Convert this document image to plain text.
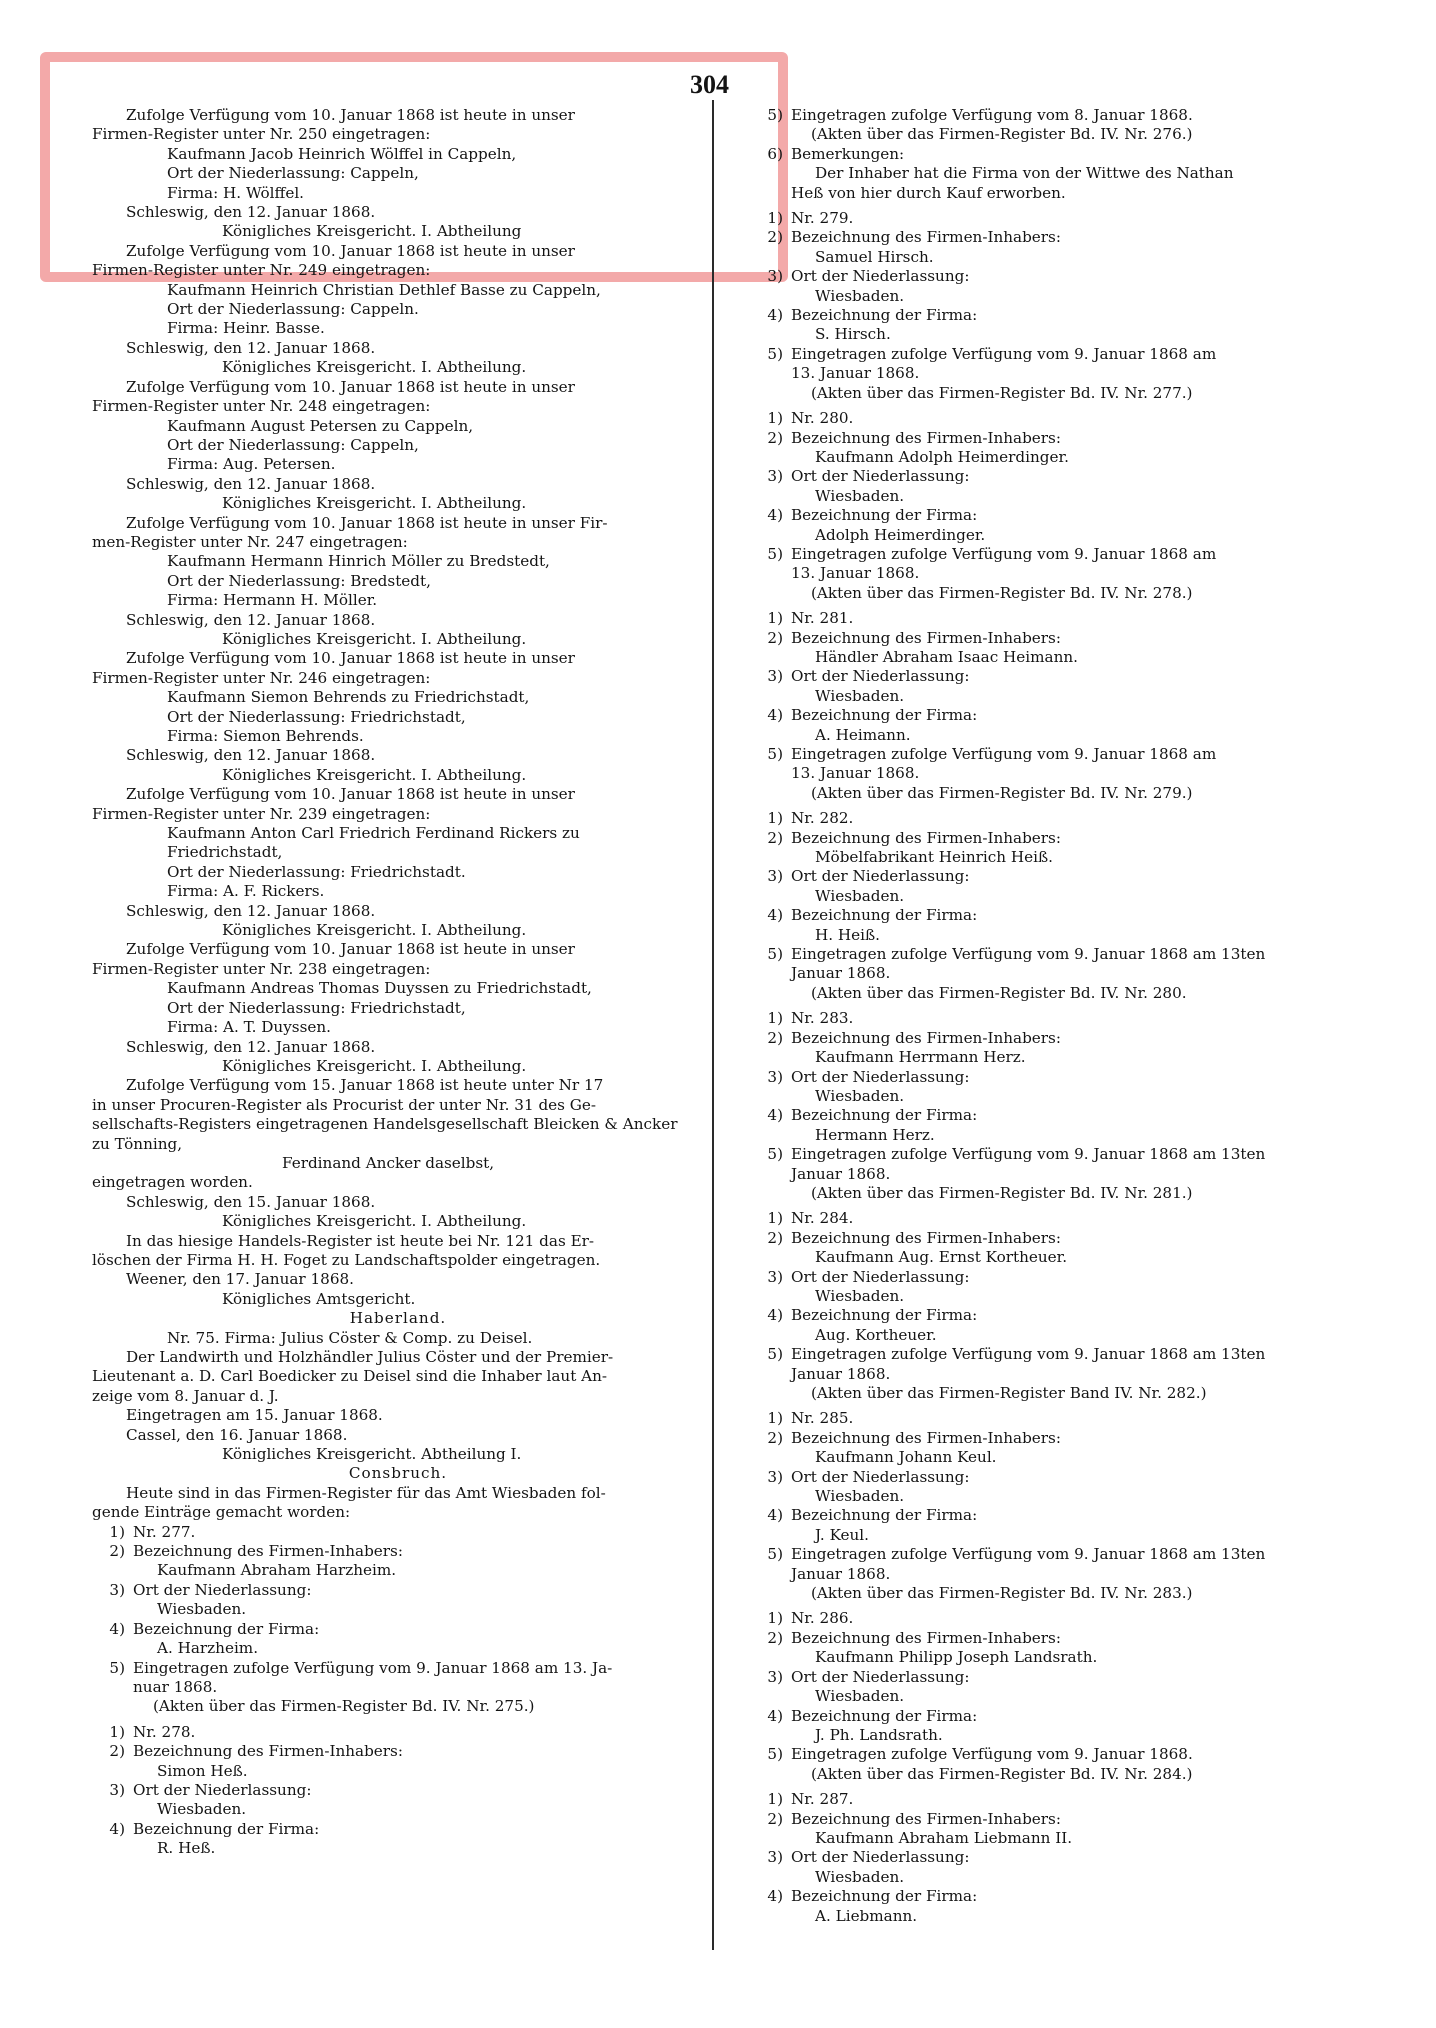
304
Zufolge Verfügung vom 10. Januar 1868 ist heute in unser
Firmen-Register unter Nr. 250 eingetragen:
Kaufmann Jacob Heinrich Wölffel in Cappeln,
Ort der Niederlassung: Cappeln,
Firma: H. Wölffel.
Schleswig, den 12. Januar 1868.
Königliches Kreisgericht. I. Abtheilung
Zufolge Verfügung vom 10. Januar 1868 ist heute in unser
Firmen-Register unter Nr. 249 eingetragen:
Kaufmann Heinrich Christian Dethlef Basse zu Cappeln,
Ort der Niederlassung: Cappeln.
Firma: Heinr. Basse.
Schleswig, den 12. Januar 1868.
Königliches Kreisgericht. I. Abtheilung.
Zufolge Verfügung vom 10. Januar 1868 ist heute in unser
Firmen-Register unter Nr. 248 eingetragen:
Kaufmann August Petersen zu Cappeln,
Ort der Niederlassung: Cappeln,
Firma: Aug. Petersen.
Schleswig, den 12. Januar 1868.
Königliches Kreisgericht. I. Abtheilung.
Zufolge Verfügung vom 10. Januar 1868 ist heute in unser Fir-
men-Register unter Nr. 247 eingetragen:
Kaufmann Hermann Hinrich Möller zu Bredstedt,
Ort der Niederlassung: Bredstedt,
Firma: Hermann H. Möller.
Schleswig, den 12. Januar 1868.
Königliches Kreisgericht. I. Abtheilung.
Zufolge Verfügung vom 10. Januar 1868 ist heute in unser
Firmen-Register unter Nr. 246 eingetragen:
Kaufmann Siemon Behrends zu Friedrichstadt,
Ort der Niederlassung: Friedrichstadt,
Firma: Siemon Behrends.
Schleswig, den 12. Januar 1868.
Königliches Kreisgericht. I. Abtheilung.
Zufolge Verfügung vom 10. Januar 1868 ist heute in unser
Firmen-Register unter Nr. 239 eingetragen:
Kaufmann Anton Carl Friedrich Ferdinand Rickers zu
Friedrichstadt,
Ort der Niederlassung: Friedrichstadt.
Firma: A. F. Rickers.
Schleswig, den 12. Januar 1868.
Königliches Kreisgericht. I. Abtheilung.
Zufolge Verfügung vom 10. Januar 1868 ist heute in unser
Firmen-Register unter Nr. 238 eingetragen:
Kaufmann Andreas Thomas Duyssen zu Friedrichstadt,
Ort der Niederlassung: Friedrichstadt,
Firma: A. T. Duyssen.
Schleswig, den 12. Januar 1868.
Königliches Kreisgericht. I. Abtheilung.
Zufolge Verfügung vom 15. Januar 1868 ist heute unter Nr 17
in unser Procuren-Register als Procurist der unter Nr. 31 des Ge-
sellschafts-Registers eingetragenen Handelsgesellschaft Bleicken & Ancker
zu Tönning,
Ferdinand Ancker daselbst,
eingetragen worden.
Schleswig, den 15. Januar 1868.
Königliches Kreisgericht. I. Abtheilung.
In das hiesige Handels-Register ist heute bei Nr. 121 das Er-
löschen der Firma H. H. Foget zu Landschaftspolder eingetragen.
Weener, den 17. Januar 1868.
Königliches Amtsgericht.
Haberland.
Nr. 75. Firma: Julius Cöster & Comp. zu Deisel.
Der Landwirth und Holzhändler Julius Cöster und der Premier-
Lieutenant a. D. Carl Boedicker zu Deisel sind die Inhaber laut An-
zeige vom 8. Januar d. J.
Eingetragen am 15. Januar 1868.
Cassel, den 16. Januar 1868.
Königliches Kreisgericht. Abtheilung I.
Consbruch.
Heute sind in das Firmen-Register für das Amt Wiesbaden fol-
gende Einträge gemacht worden:
1) Nr. 277.
2) Bezeichnung des Firmen-Inhabers:
Kaufmann Abraham Harzheim.
3) Ort der Niederlassung:
Wiesbaden.
4) Bezeichnung der Firma:
A. Harzheim.
5) Eingetragen zufolge Verfügung vom 9. Januar 1868 am 13. Ja-
nuar 1868.
(Akten über das Firmen-Register Bd. IV. Nr. 275.)
1) Nr. 278.
2) Bezeichnung des Firmen-Inhabers:
Simon Heß.
3) Ort der Niederlassung:
Wiesbaden.
4) Bezeichnung der Firma:
R. Heß.
5) Eingetragen zufolge Verfügung vom 8. Januar 1868.
(Akten über das Firmen-Register Bd. IV. Nr. 276.)
6) Bemerkungen:
Der Inhaber hat die Firma von der Wittwe des Nathan
Heß von hier durch Kauf erworben.
1) Nr. 279.
2) Bezeichnung des Firmen-Inhabers:
Samuel Hirsch.
3) Ort der Niederlassung:
Wiesbaden.
4) Bezeichnung der Firma:
S. Hirsch.
5) Eingetragen zufolge Verfügung vom 9. Januar 1868 am
13. Januar 1868.
(Akten über das Firmen-Register Bd. IV. Nr. 277.)
1) Nr. 280.
2) Bezeichnung des Firmen-Inhabers:
Kaufmann Adolph Heimerdinger.
3) Ort der Niederlassung:
Wiesbaden.
4) Bezeichnung der Firma:
Adolph Heimerdinger.
5) Eingetragen zufolge Verfügung vom 9. Januar 1868 am
13. Januar 1868.
(Akten über das Firmen-Register Bd. IV. Nr. 278.)
1) Nr. 281.
2) Bezeichnung des Firmen-Inhabers:
Händler Abraham Isaac Heimann.
3) Ort der Niederlassung:
Wiesbaden.
4) Bezeichnung der Firma:
A. Heimann.
5) Eingetragen zufolge Verfügung vom 9. Januar 1868 am
13. Januar 1868.
(Akten über das Firmen-Register Bd. IV. Nr. 279.)
1) Nr. 282.
2) Bezeichnung des Firmen-Inhabers:
Möbelfabrikant Heinrich Heiß.
3) Ort der Niederlassung:
Wiesbaden.
4) Bezeichnung der Firma:
H. Heiß.
5) Eingetragen zufolge Verfügung vom 9. Januar 1868 am 13ten
Januar 1868.
(Akten über das Firmen-Register Bd. IV. Nr. 280.
1) Nr. 283.
2) Bezeichnung des Firmen-Inhabers:
Kaufmann Herrmann Herz.
3) Ort der Niederlassung:
Wiesbaden.
4) Bezeichnung der Firma:
Hermann Herz.
5) Eingetragen zufolge Verfügung vom 9. Januar 1868 am 13ten
Januar 1868.
(Akten über das Firmen-Register Bd. IV. Nr. 281.)
1) Nr. 284.
2) Bezeichnung des Firmen-Inhabers:
Kaufmann Aug. Ernst Kortheuer.
3) Ort der Niederlassung:
Wiesbaden.
4) Bezeichnung der Firma:
Aug. Kortheuer.
5) Eingetragen zufolge Verfügung vom 9. Januar 1868 am 13ten
Januar 1868.
(Akten über das Firmen-Register Band IV. Nr. 282.)
1) Nr. 285.
2) Bezeichnung des Firmen-Inhabers:
Kaufmann Johann Keul.
3) Ort der Niederlassung:
Wiesbaden.
4) Bezeichnung der Firma:
J. Keul.
5) Eingetragen zufolge Verfügung vom 9. Januar 1868 am 13ten
Januar 1868.
(Akten über das Firmen-Register Bd. IV. Nr. 283.)
1) Nr. 286.
2) Bezeichnung des Firmen-Inhabers:
Kaufmann Philipp Joseph Landsrath.
3) Ort der Niederlassung:
Wiesbaden.
4) Bezeichnung der Firma:
J. Ph. Landsrath.
5) Eingetragen zufolge Verfügung vom 9. Januar 1868.
(Akten über das Firmen-Register Bd. IV. Nr. 284.)
1) Nr. 287.
2) Bezeichnung des Firmen-Inhabers:
Kaufmann Abraham Liebmann II.
3) Ort der Niederlassung:
Wiesbaden.
4) Bezeichnung der Firma:
A. Liebmann.
